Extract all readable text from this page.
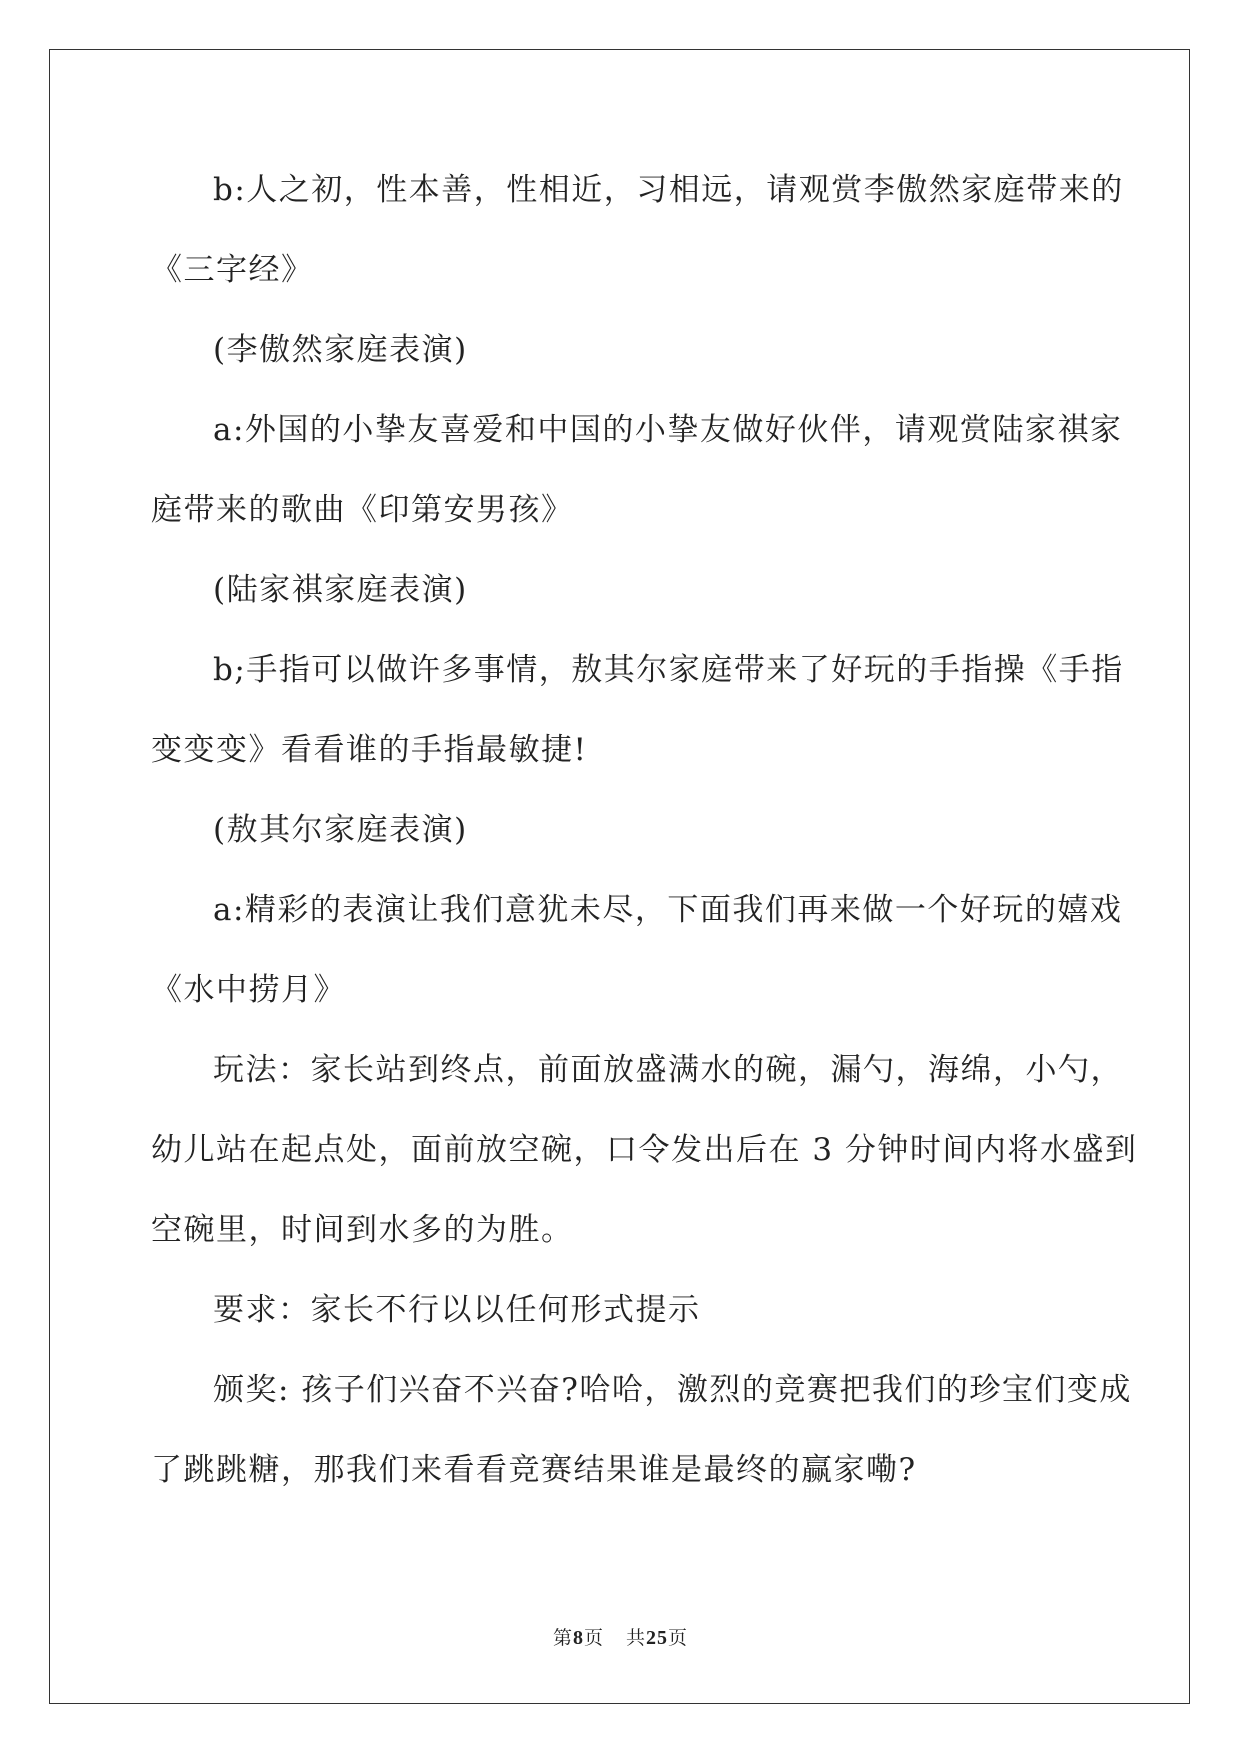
b:人之初，性本善，性相近，习相远，请观赏李傲然家庭带来的
《三字经》
(李傲然家庭表演)
a:外国的小挚友喜爱和中国的小挚友做好伙伴，请观赏陆家祺家
庭带来的歌曲《印第安男孩》
(陆家祺家庭表演)
b;手指可以做许多事情，敖其尔家庭带来了好玩的手指操《手指
变变变》看看谁的手指最敏捷!
(敖其尔家庭表演)
a:精彩的表演让我们意犹未尽，下面我们再来做一个好玩的嬉戏
《水中捞月》
玩法：家长站到终点，前面放盛满水的碗，漏勺，海绵，小勺，
幼儿站在起点处，面前放空碗，口令发出后在 3 分钟时间内将水盛到
空碗里，时间到水多的为胜。
要求：家长不行以以任何形式提示
颁奖: 孩子们兴奋不兴奋?哈哈，激烈的竞赛把我们的珍宝们变成
了跳跳糖，那我们来看看竞赛结果谁是最终的赢家嘞?
第8页 共25页
